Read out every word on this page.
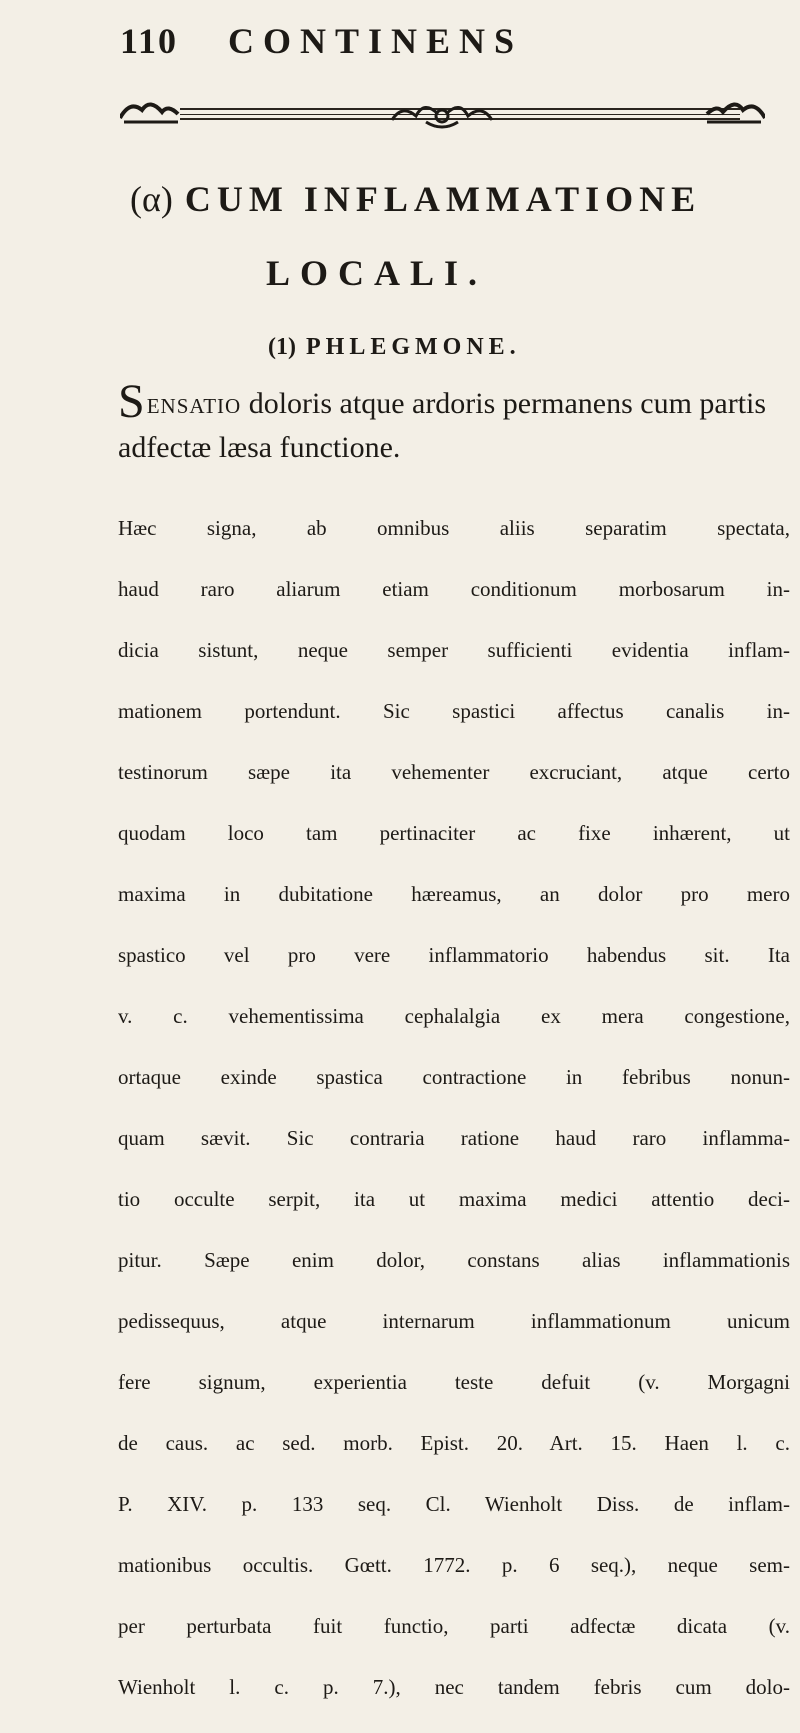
110 CONTINENS
(α) CUM INFLAMMATIONE
LOCALI.
(1) PHLEGMONE.
Sensatio doloris atque ardoris permanens cum partis adfectæ læsa functione.

Hæc signa, ab omnibus aliis separatim spectata,

haud raro aliarum etiam conditionum morbosarum in-

dicia sistunt, neque semper sufficienti evidentia inflam-

mationem portendunt. Sic spastici affectus canalis in-

testinorum sæpe ita vehementer excruciant, atque certo

quodam loco tam pertinaciter ac fixe inhærent, ut

maxima in dubitatione hæreamus, an dolor pro mero

spastico vel pro vere inflammatorio habendus sit. Ita

v. c. vehementissima cephalalgia ex mera congestione,

ortaque exinde spastica contractione in febribus nonun-

quam sævit. Sic contraria ratione haud raro inflamma-

tio occulte serpit, ita ut maxima medici attentio deci-

pitur. Sæpe enim dolor, constans alias inflammationis

pedissequus, atque internarum inflammationum unicum

fere signum, experientia teste defuit (v. Morgagni

de caus. ac sed. morb. Epist. 20. Art. 15. Haen l. c.

P. XIV. p. 133 seq. Cl. Wienholt Diss. de inflam-

mationibus occultis. Gœtt. 1772. p. 6 seq.), neque sem-

per perturbata fuit functio, parti adfectæ dicata (v.

Wienholt l. c. p. 7.), nec tandem febris cum dolo-
